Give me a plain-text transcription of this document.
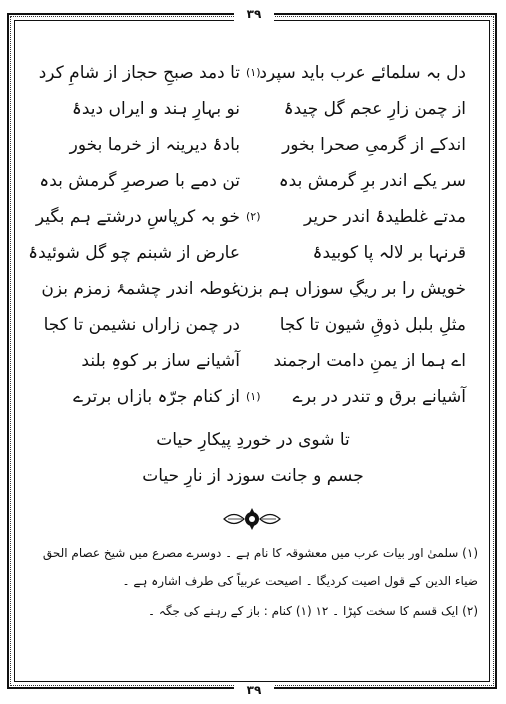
۳۹
دل بہ سلمائے عرب باید سپرد
(۱)
تا دمد صبحِ حجاز از شامِ کرد
از چمن زارِ عجم گل چیدۂ
نو بہارِ ہند و ایراں دیدۂ
اندکے از گرمیِ صحرا بخور
بادۂ دیرینہ از خرما بخور
سر یکے اندر برِ گرمش بدہ
تن دمے با صرصرِ گرمش بدہ
مدتے غلطیدۂ اندر حریر
(۲)
خو بہ کرپاسِ درشتے ہم بگیر
قرنہا بر لالہ پا کوبیدۂ
عارض از شبنم چو گل شوئیدۂ
خویش را بر ریگِ سوزاں ہم بزن
غوطہ اندر چشمۂ زمزم بزن
مثلِ بلبل ذوقِ شیون تا کجا
در چمن زاراں نشیمن تا کجا
اے ہما از یمنِ دامت ارجمند
آشیانے ساز بر کوہِ بلند
آشیانے برق و تندر در برے
(۱)
از کنام جرّہ بازاں برترے
تا شوی در خوردِ پیکارِ حیات
جسم و جانت سوزد از نارِ حیات
(۱) سلمیٰ اور بیات عرب میں معشوقہ کا نام ہے ۔ دوسرے مصرع میں شیخ عصام الحق
ضیاء الدین کے قول اصیت کردیگا ۔ اصیحت عربیاً کی طرف اشارہ ہے ۔
(۲) ایک قسم کا سخت کپڑا ۔ ۱۲ (۱) کنام : باز کے رہنے کی جگہ ۔
۳۹
